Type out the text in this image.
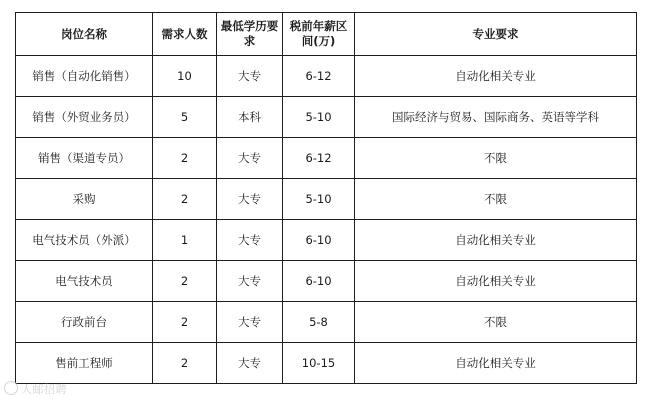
岗位名称	需求人数	最低学历要求	税前年薪区间(万)	专业要求
销售（自动化销售）	10	大专	6-12	自动化相关专业
销售（外贸业务员）	5	本科	5-10	国际经济与贸易、国际商务、英语等学科
销售（渠道专员）	2	大专	6-12	不限
采购	2	大专	5-10	不限
电气技术员（外派）	1	大专	6-10	自动化相关专业
电气技术员	2	大专	6-10	自动化相关专业
行政前台	2	大专	5-8	不限
售前工程师	2	大专	10-15	自动化相关专业
人邮招聘
